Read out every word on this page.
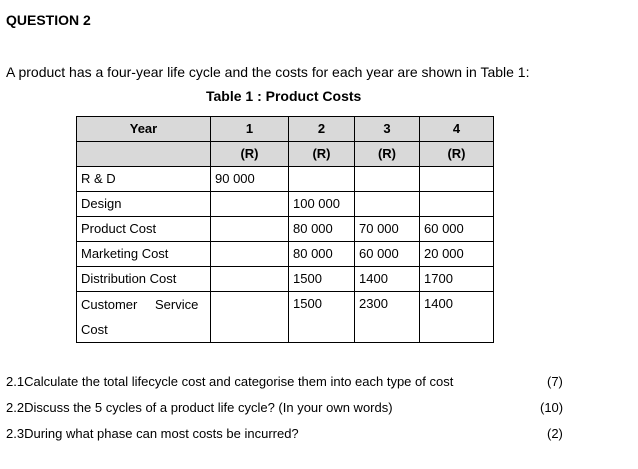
QUESTION 2
A product has a four-year life cycle and the costs for each year are shown in Table 1:
Table 1 : Product Costs
Year	1	2	3	4
	(R)	(R)	(R)	(R)
R & D	90 000			
Design		100 000		
Product Cost		80 000	70 000	60 000
Marketing Cost		80 000	60 000	20 000
Distribution Cost		1500	1400	1700
Customer Service Cost		1500	2300	1400
2.1Calculate the total lifecycle cost and categorise them into each type of cost	(7)
2.2Discuss the 5 cycles of a product life cycle? (In your own words)	(10)
2.3During what phase can most costs be incurred?	(2)
